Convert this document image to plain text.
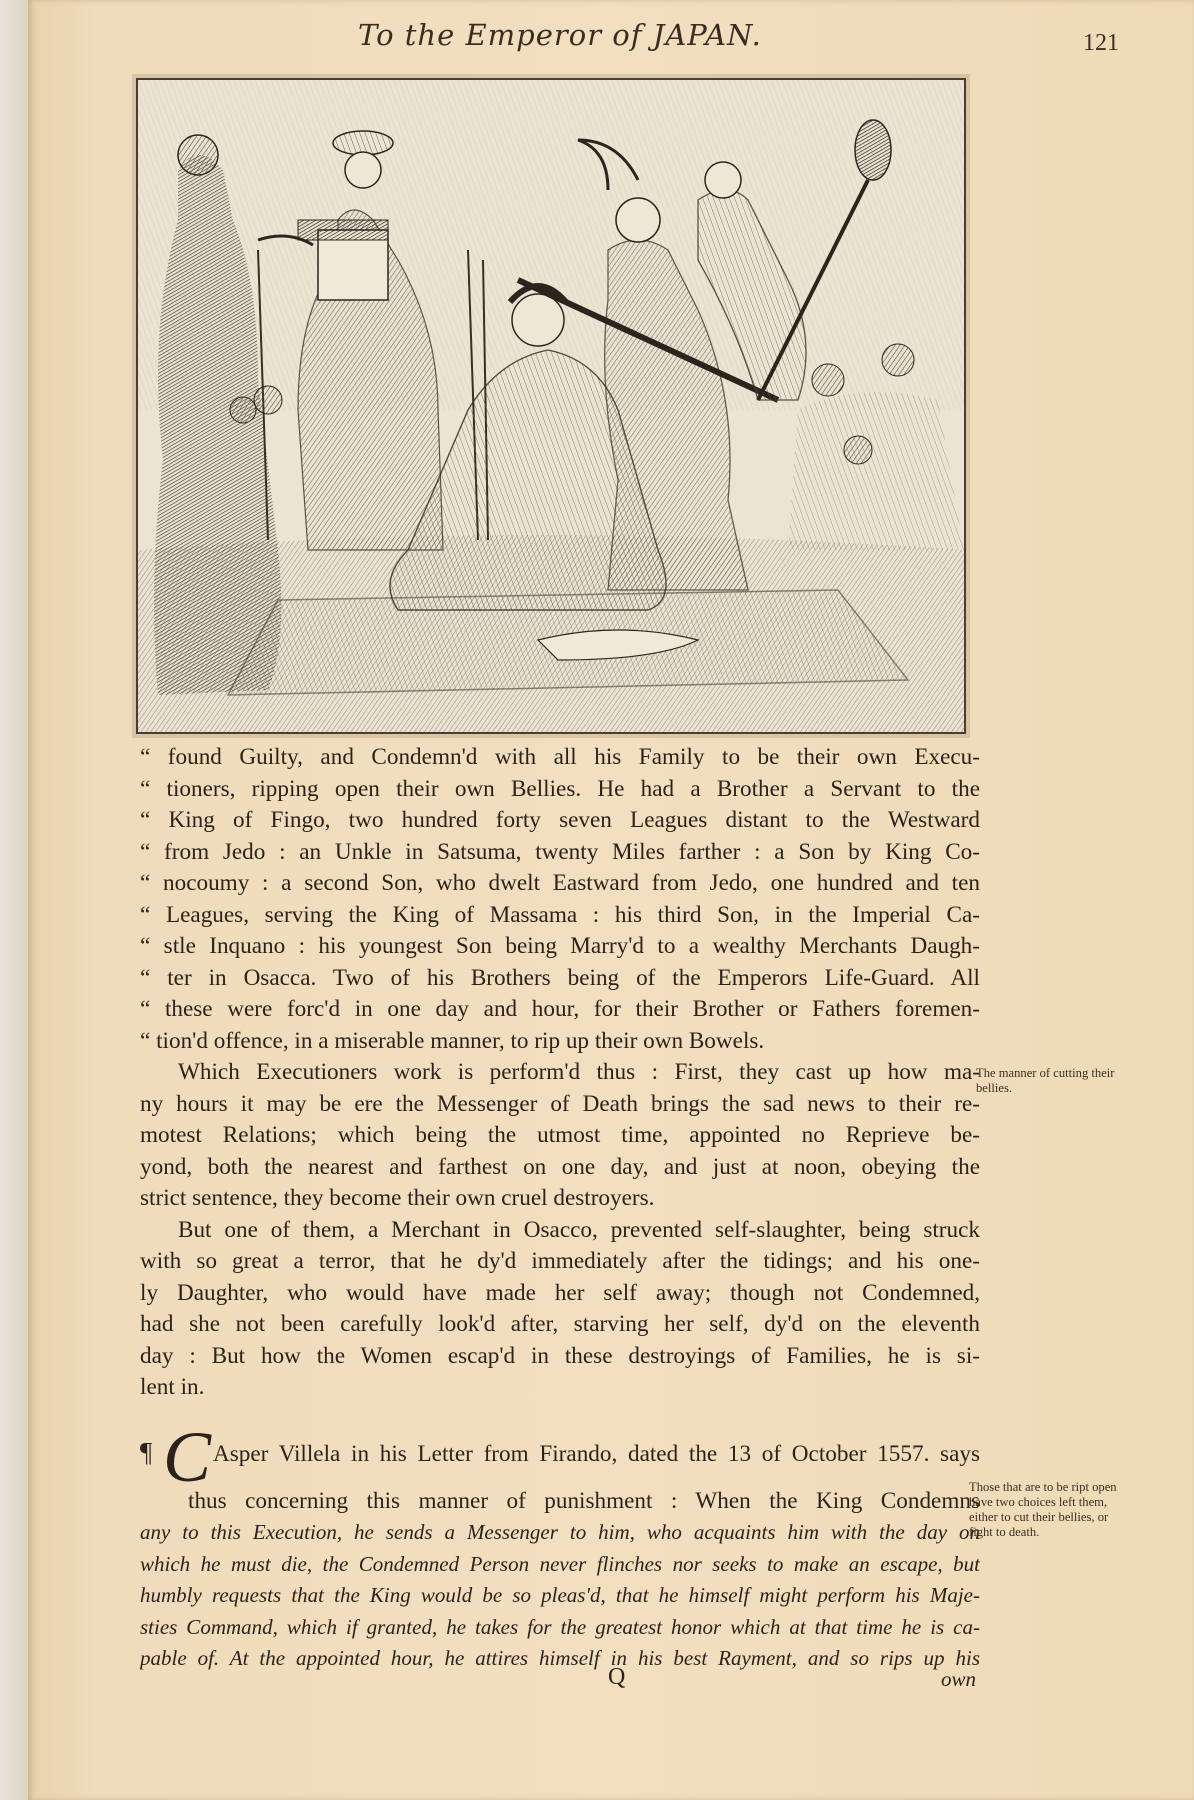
To the Emperor of JAPAN.	121
“ found Guilty, and Condemn'd with all his Family to be their own Execu-
“ tioners, ripping open their own Bellies. He had a Brother a Servant to the
“ King of Fingo, two hundred forty seven Leagues distant to the Westward
“ from Jedo : an Unkle in Satsuma, twenty Miles farther : a Son by King Co-
“ nocoumy : a second Son, who dwelt Eastward from Jedo, one hundred and ten
“ Leagues, serving the King of Massama : his third Son, in the Imperial Ca-
“ stle Inquano : his youngest Son being Marry'd to a wealthy Merchants Daugh-
“ ter in Osacca. Two of his Brothers being of the Emperors Life-Guard. All
“ these were forc'd in one day and hour, for their Brother or Fathers foremen-
“ tion'd offence, in a miserable manner, to rip up their own Bowels.
Which Executioners work is perform'd thus : First, they cast up how ma-
ny hours it may be ere the Messenger of Death brings the sad news to their re-
motest Relations; which being the utmost time, appointed no Reprieve be-
yond, both the nearest and farthest on one day, and just at noon, obeying the
strict sentence, they become their own cruel destroyers.
But one of them, a Merchant in Osacco, prevented self-slaughter, being struck
with so great a terror, that he dy'd immediately after the tidings; and his one-
ly Daughter, who would have made her self away; though not Condemned,
had she not been carefully look'd after, starving her self, dy'd on the eleventh
day : But how the Women escap'd in these destroyings of Families, he is si-
lent in.
¶ CAsper Villela in his Letter from Firando, dated the 13 of October 1557. says
thus concerning this manner of punishment : When the King Condemns
any to this Execution, he sends a Messenger to him, who acquaints him with the day on
which he must die, the Condemned Person never flinches nor seeks to make an escape, but
humbly requests that the King would be so pleas'd, that he himself might perform his Maje-
sties Command, which if granted, he takes for the greatest honor which at that time he is ca-
pable of. At the appointed hour, he attires himself in his best Rayment, and so rips up his
The manner of cutting their bellies.
Those that are to be ript open have two choices left them, either to cut their bellies, or fight to death.
Q	own
